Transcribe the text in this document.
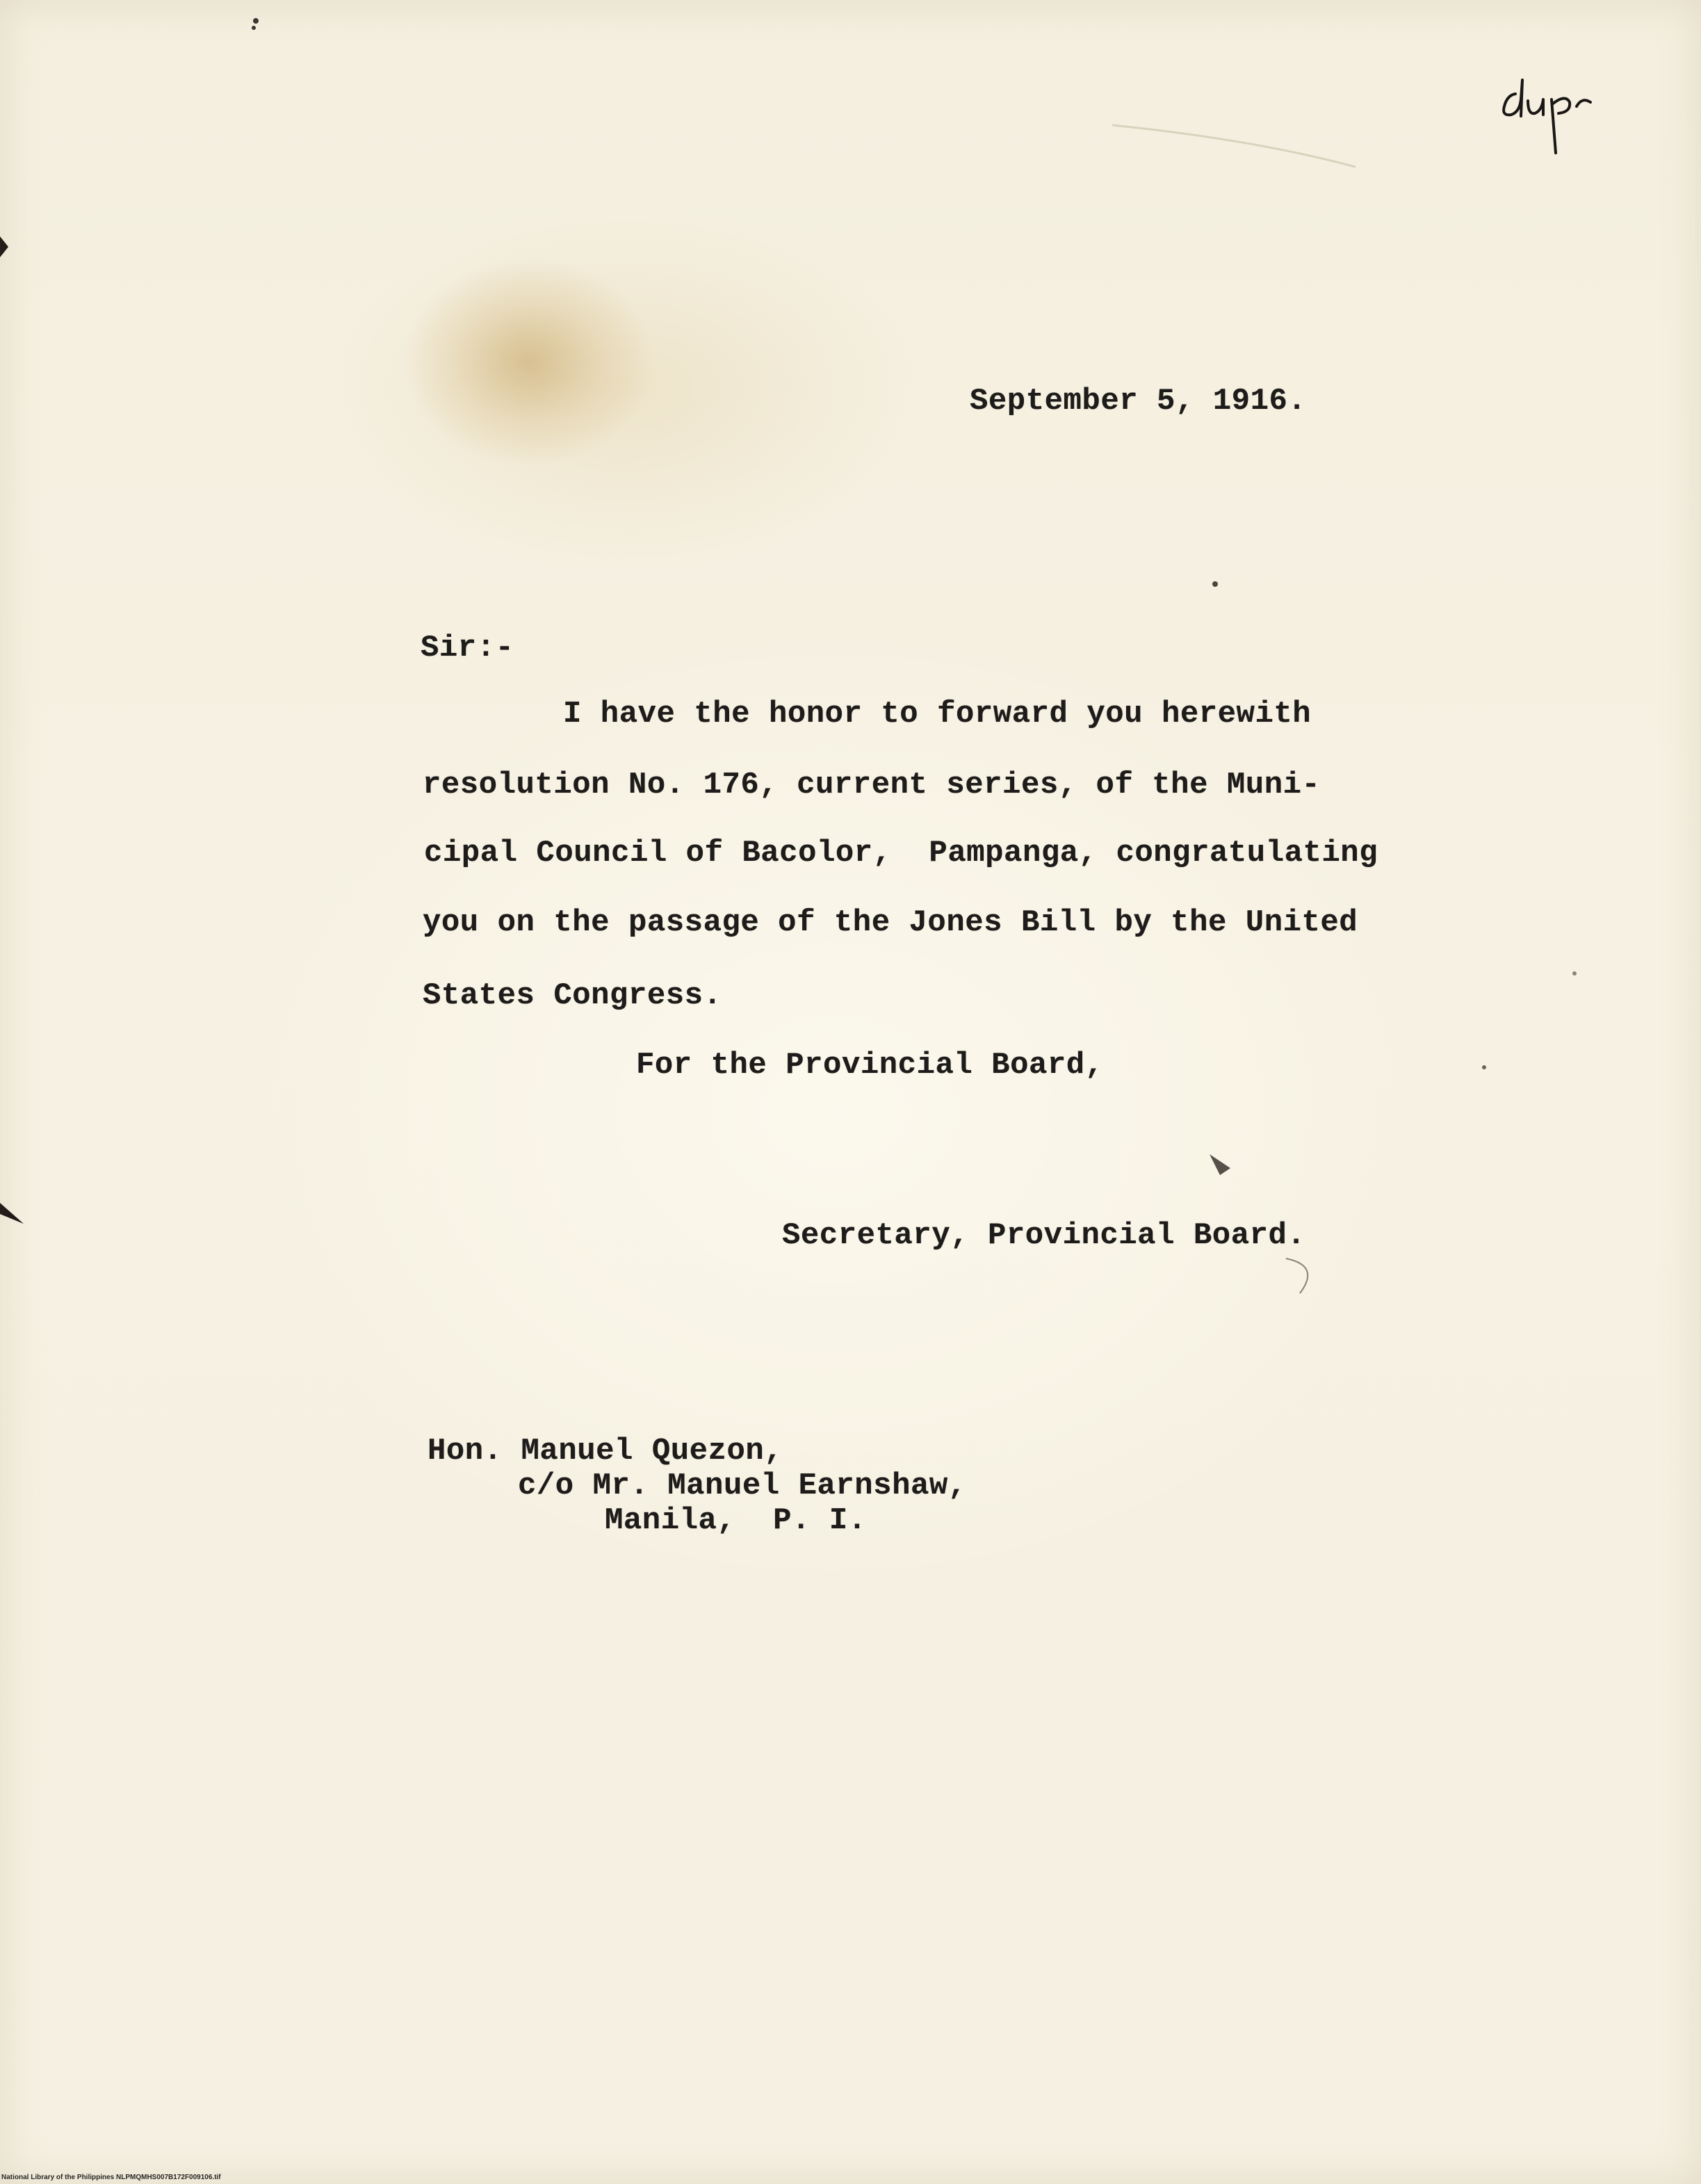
September 5, 1916.
Sir:-
I have the honor to forward you herewith
resolution No. 176, current series, of the Muni-
cipal Council of Bacolor,  Pampanga, congratulating
you on the passage of the Jones Bill by the United
States Congress.
For the Provincial Board,
Secretary, Provincial Board.
Hon. Manuel Quezon,
c/o Mr. Manuel Earnshaw,
Manila,  P. I.
dup
National Library of the Philippines NLPMQMHS007B172F009106.tif
